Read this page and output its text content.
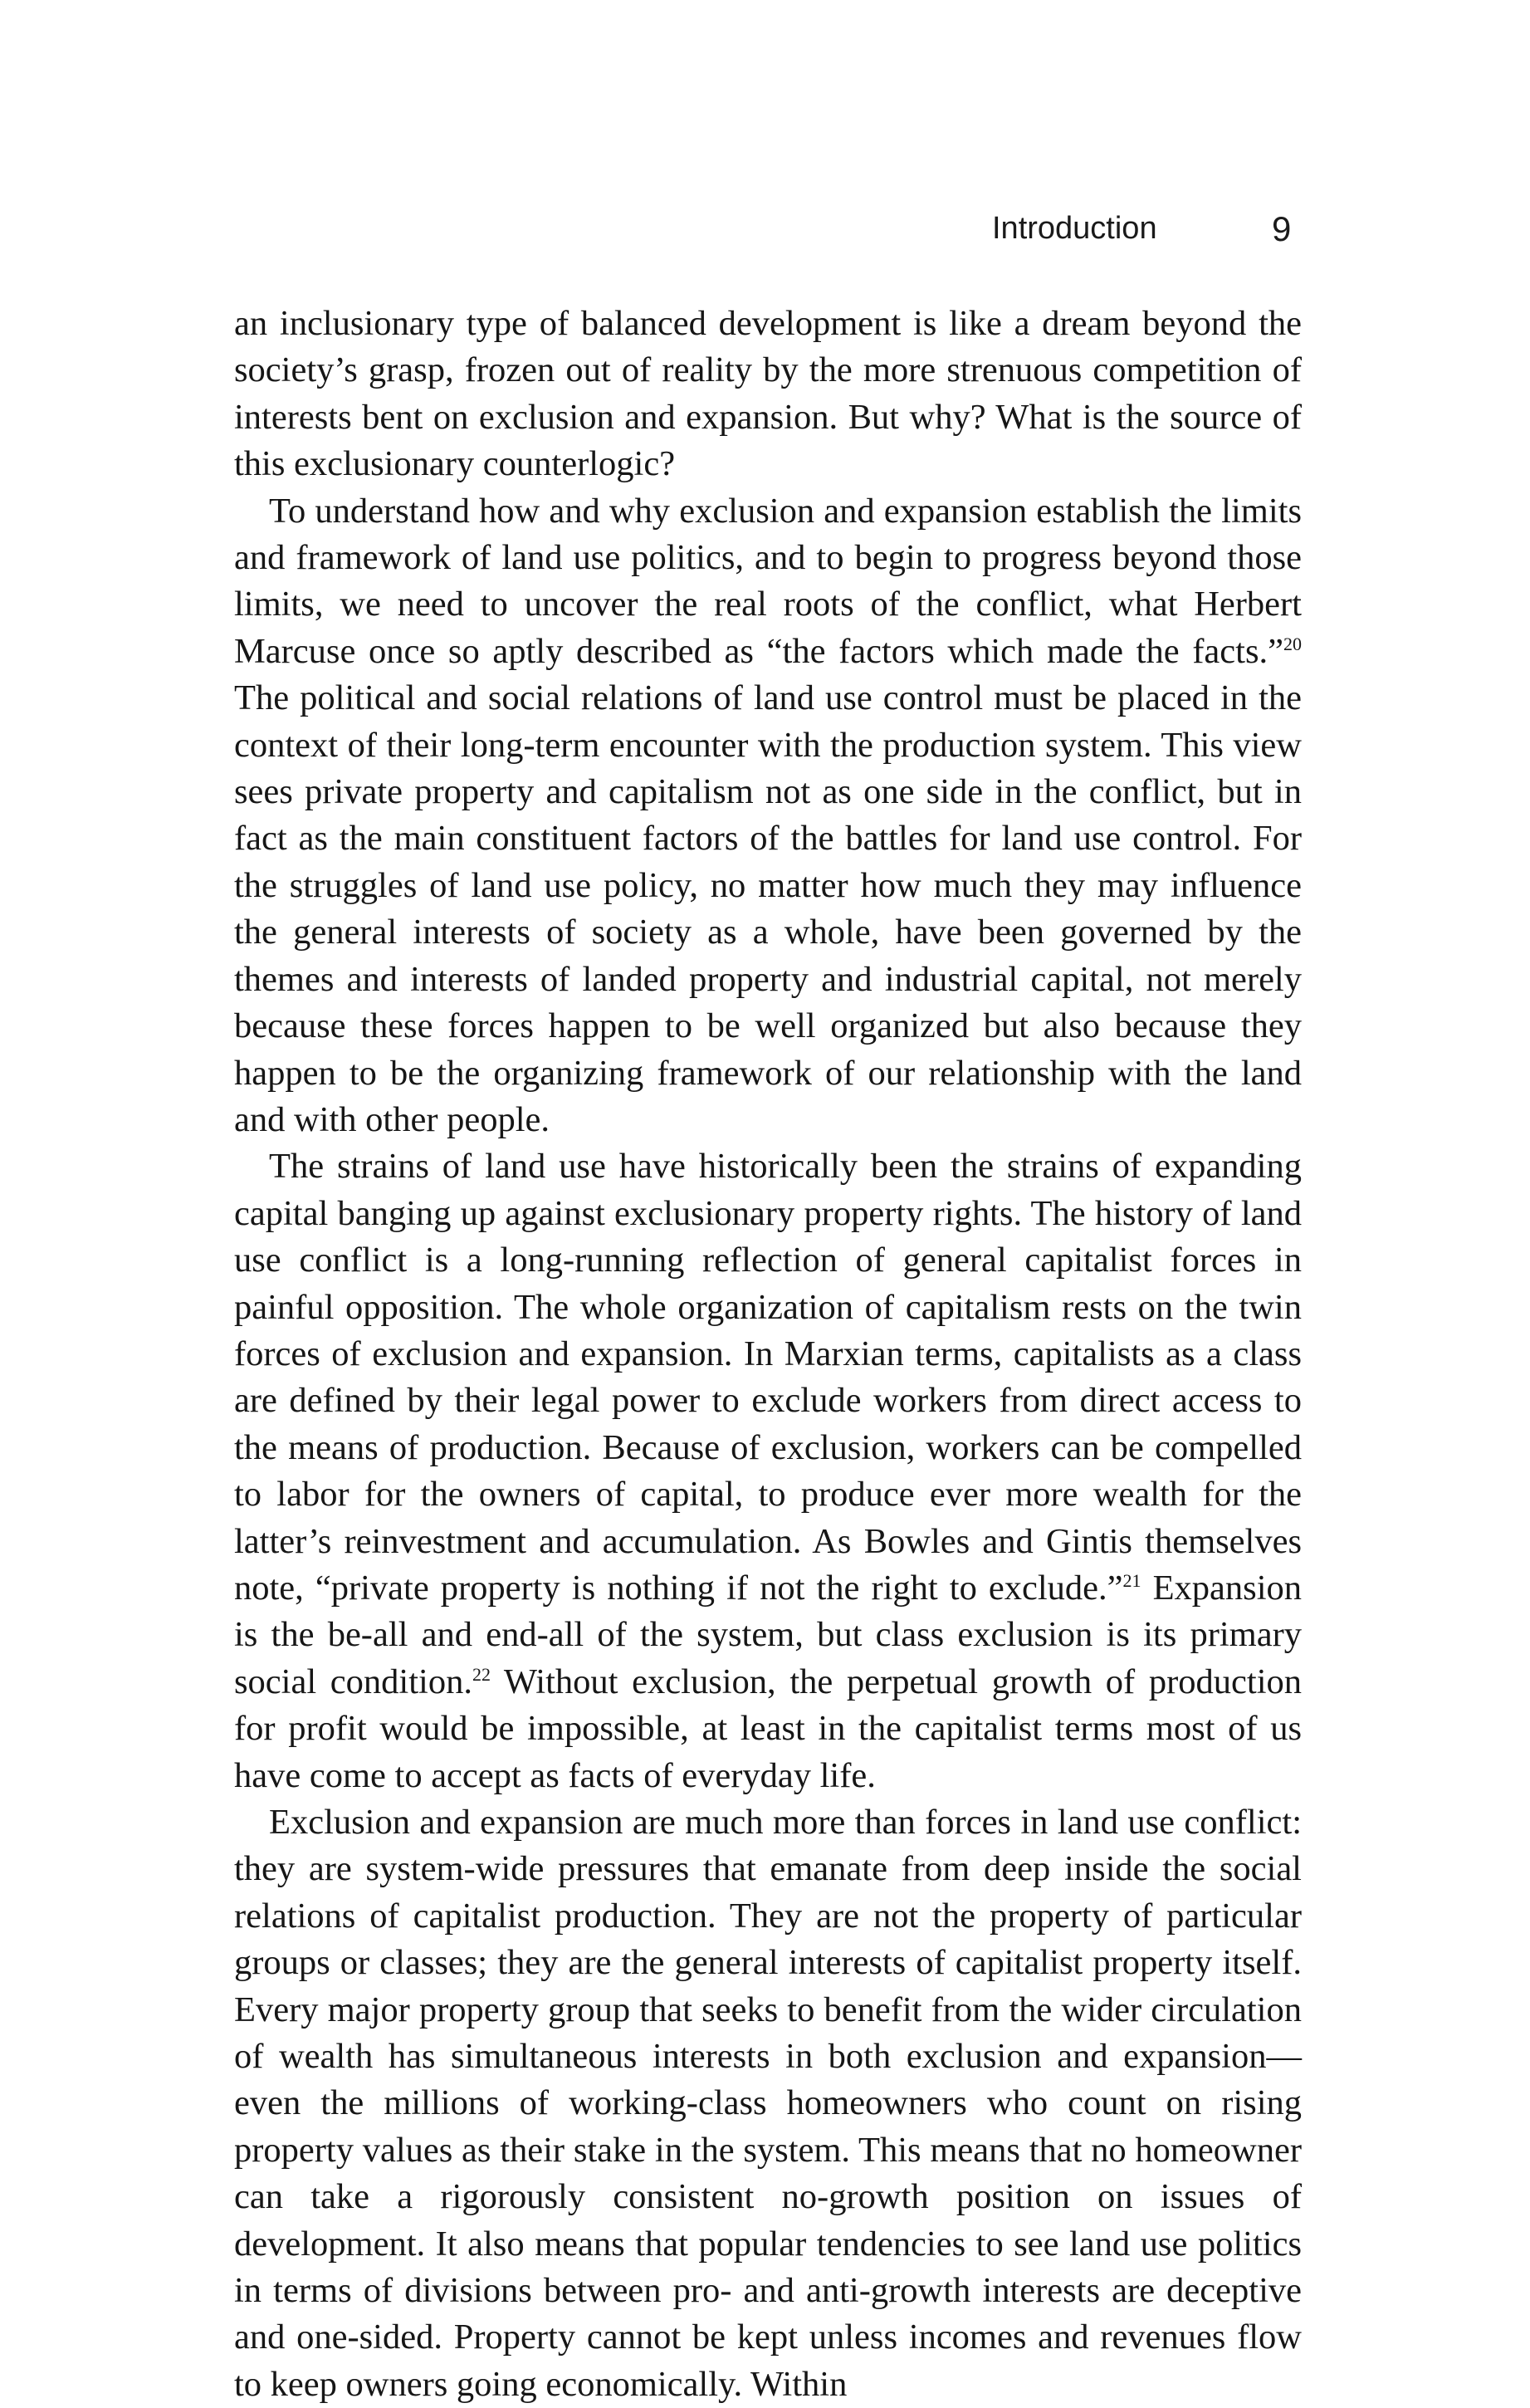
Introduction	9

an inclusionary type of balanced development is like a dream beyond the society’s grasp, frozen out of reality by the more strenuous competition of interests bent on exclusion and expansion. But why? What is the source of this exclusionary counterlogic?

To understand how and why exclusion and expansion establish the limits and framework of land use politics, and to begin to progress beyond those limits, we need to uncover the real roots of the conflict, what Herbert Marcuse once so aptly described as “the factors which made the facts.”$^{20}$ The political and social relations of land use control must be placed in the context of their long-term encounter with the production system. This view sees private property and capitalism not as one side in the conflict, but in fact as the main constituent factors of the battles for land use control. For the struggles of land use policy, no matter how much they may influence the general interests of society as a whole, have been governed by the themes and interests of landed property and industrial capital, not merely because these forces happen to be well organized but also because they happen to be the organizing framework of our relationship with the land and with other people.

The strains of land use have historically been the strains of expanding capital banging up against exclusionary property rights. The history of land use conflict is a long-running reflection of general capitalist forces in painful opposition. The whole organization of capitalism rests on the twin forces of exclusion and expansion. In Marxian terms, capitalists as a class are defined by their legal power to exclude workers from direct access to the means of production. Because of exclusion, workers can be compelled to labor for the owners of capital, to produce ever more wealth for the latter’s reinvestment and accumulation. As Bowles and Gintis themselves note, “private property is nothing if not the right to exclude.”$^{21}$ Expansion is the be-all and end-all of the system, but class exclusion is its primary social condition.$^{22}$ Without exclusion, the perpetual growth of production for profit would be impossible, at least in the capitalist terms most of us have come to accept as facts of everyday life.

Exclusion and expansion are much more than forces in land use conflict: they are system-wide pressures that emanate from deep inside the social relations of capitalist production. They are not the property of particular groups or classes; they are the general interests of capitalist property itself. Every major property group that seeks to benefit from the wider circulation of wealth has simultaneous interests in both exclusion and expansion—even the millions of working-class homeowners who count on rising property values as their stake in the system. This means that no homeowner can take a rigorously consistent no-growth position on issues of development. It also means that popular tendencies to see land use politics in terms of divisions between pro- and anti-growth interests are deceptive and one-sided. Property cannot be kept unless incomes and revenues flow to keep owners going economically. Within
